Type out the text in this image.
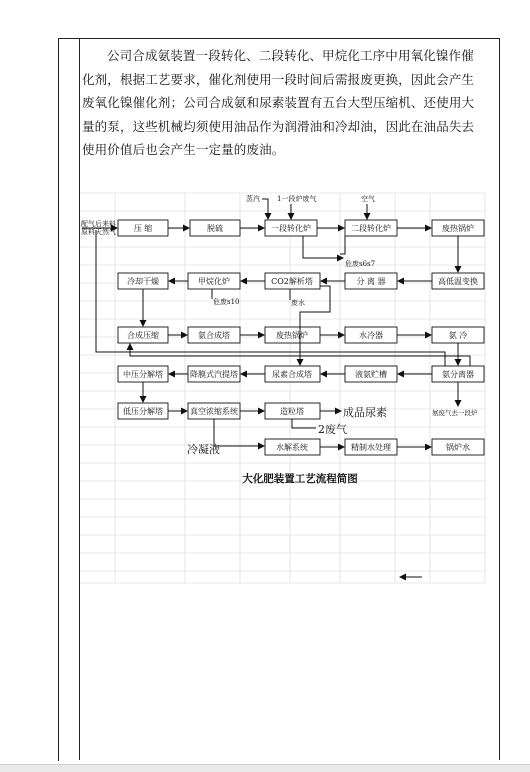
公司合成氨装置一段转化、二段转化、甲烷化工序中用氧化镍作催化剂，根据工艺要求，催化剂使用一段时间后需报废更换，因此会产生废氧化镍催化剂；公司合成氨和尿素装置有五台大型压缩机、还使用大量的泵，这些机械均须使用油品作为润滑油和冷却油，因此在油品失去使用价值后也会产生一定量的废油。
配气后来料
原料天然气 压 缩	脱硫	一段转化炉	二段转化炉	废热锅炉
冷却干燥	甲烷化炉	CO2解析塔	分 离 器	高低温变换
合成压缩	氨合成塔	废热锅炉	水冷器	氨 冷
中压分解塔	降膜式汽提塔	尿素合成塔	液氨贮槽	氨分离器
低压分解塔	真空浓缩系统	造粒塔
水解系统	精制水处理	锅炉水
蒸汽 1一段炉废气	空气
危废s6s7
危废s10	废水
氨废气去一段炉
成品尿素
2废气
冷凝液
大化肥装置工艺流程简图
